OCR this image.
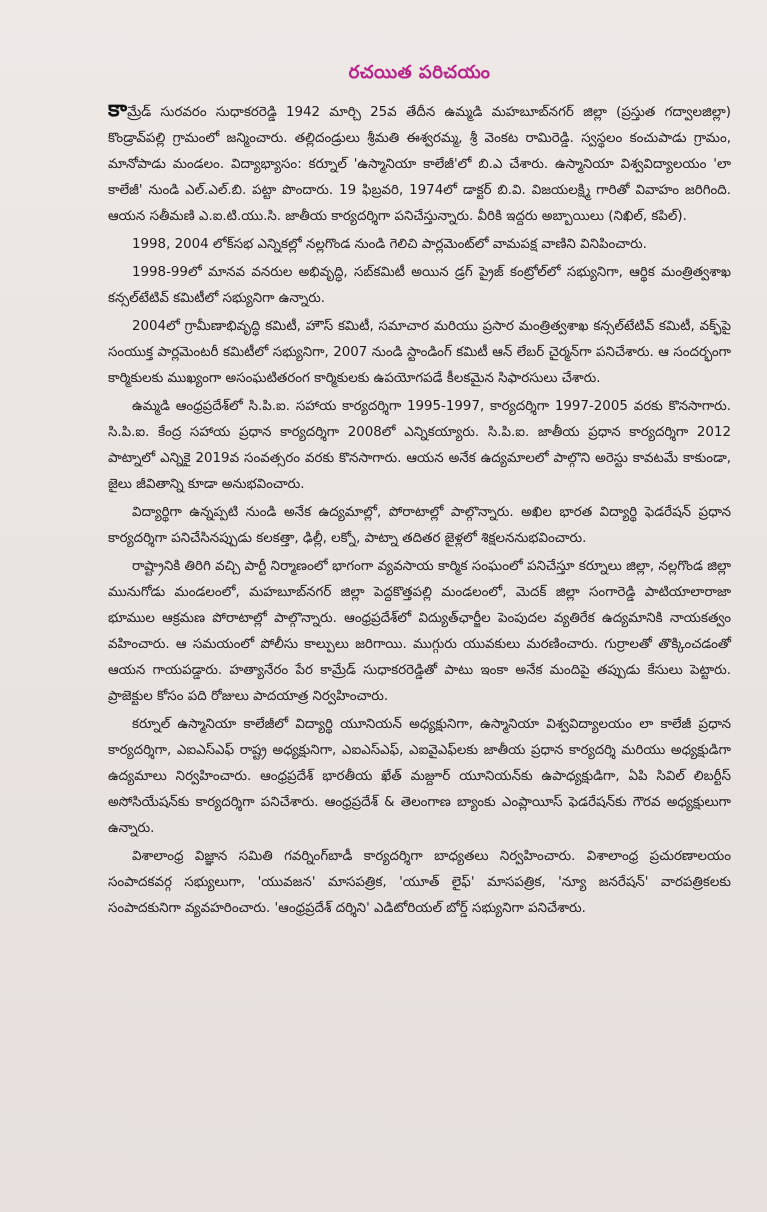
రచయిత పరిచయం

కామ్రేడ్ సురవరం సుధాకరరెడ్డి 1942 మార్చి 25వ తేదీన ఉమ్మడి మహబూబ్‌నగర్ జిల్లా (ప్రస్తుత గద్వాలజిల్లా) కొండ్రావ్‌పల్లి గ్రామంలో జన్మించారు. తల్లిదండ్రులు శ్రీమతి ఈశ్వరమ్మ, శ్రీ వెంకట రామిరెడ్డి. స్వస్థలం కంచుపాడు గ్రామం, మానోపాడు మండలం. విద్యాభ్యాసం: కర్నూల్ 'ఉస్మానియా కాలేజీ'లో బి.ఎ చేశారు. ఉస్మానియా విశ్వవిద్యాలయం 'లా కాలేజీ' నుండి ఎల్.ఎల్.బి. పట్టా పొందారు. 19 ఫిబ్రవరి, 1974లో డాక్టర్ బి.వి. విజయలక్ష్మి గారితో వివాహం జరిగింది. ఆయన సతీమణి ఎ.ఐ.టి.యు.సి. జాతీయ కార్యదర్శిగా పనిచేస్తున్నారు. వీరికి ఇద్దరు అబ్బాయిలు (నిఖిల్, కపిల్).

1998, 2004 లోక్‌సభ ఎన్నికల్లో నల్లగొండ నుండి గెలిచి పార్లమెంట్‌లో వామపక్ష వాణిని వినిపించారు.

1998-99లో మానవ వనరుల అభివృద్ధి, సబ్‌కమిటీ అయిన డ్రగ్ ప్రైజ్ కంట్రోల్‌లో సభ్యునిగా, ఆర్థిక మంత్రిత్వశాఖ కన్సల్‌టేటివ్ కమిటీలో సభ్యునిగా ఉన్నారు.

2004లో గ్రామీణాభివృద్ధి కమిటీ, హౌస్ కమిటీ, సమాచార మరియు ప్రసార మంత్రిత్వశాఖ కన్సల్‌టేటివ్ కమిటీ, వక్ఫ్‌పై సంయుక్త పార్లమెంటరీ కమిటీలో సభ్యునిగా, 2007 నుండి స్టాండింగ్ కమిటీ ఆన్ లేబర్ చైర్మన్‌గా పనిచేశారు. ఆ సందర్భంగా కార్మికులకు ముఖ్యంగా అసంఘటితరంగ కార్మికులకు ఉపయోగపడే కీలకమైన సిఫారసులు చేశారు.

ఉమ్మడి ఆంధ్రప్రదేశ్‌లో సి.పి.ఐ. సహాయ కార్యదర్శిగా 1995-1997, కార్యదర్శిగా 1997-2005 వరకు కొనసాగారు. సి.పి.ఐ. కేంద్ర సహాయ ప్రధాన కార్యదర్శిగా 2008లో ఎన్నికయ్యారు. సి.పి.ఐ. జాతీయ ప్రధాన కార్యదర్శిగా 2012 పాట్నాలో ఎన్నికై 2019వ సంవత్సరం వరకు కొనసాగారు. ఆయన అనేక ఉద్యమాలలో పాల్గొని అరెస్టు కావటమే కాకుండా, జైలు జీవితాన్ని కూడా అనుభవించారు.

విద్యార్థిగా ఉన్నప్పటి నుండి అనేక ఉద్యమాల్లో, పోరాటాల్లో పాల్గొన్నారు. అఖిల భారత విద్యార్థి ఫెడరేషన్ ప్రధాన కార్యదర్శిగా పనిచేసినప్పుడు కలకత్తా, ఢిల్లీ, లక్నో, పాట్నా తదితర జైళ్లలో శిక్షలననుభవించారు.

రాష్ట్రానికి తిరిగి వచ్చి పార్టీ నిర్మాణంలో భాగంగా వ్యవసాయ కార్మిక సంఘంలో పనిచేస్తూ కర్నూలు జిల్లా, నల్లగొండ జిల్లా మునుగోడు మండలంలో, మహబూబ్‌నగర్ జిల్లా పెద్దకొత్తపల్లి మండలంలో, మెదక్ జిల్లా సంగారెడ్డి పాటియాలారాజా భూముల ఆక్రమణ పోరాటాల్లో పాల్గొన్నారు. ఆంధ్రప్రదేశ్‌లో విద్యుత్‌ఛార్జీల పెంపుదల వ్యతిరేక ఉద్యమానికి నాయకత్వం వహించారు. ఆ సమయంలో పోలీసు కాల్పులు జరిగాయి. ముగ్గురు యువకులు మరణించారు. గుర్రాలతో తొక్కించడంతో ఆయన గాయపడ్డారు. హత్యానేరం పేర కామ్రేడ్ సుధాకరరెడ్డితో పాటు ఇంకా అనేక మందిపై తప్పుడు కేసులు పెట్టారు. ప్రాజెక్టుల కోసం పది రోజులు పాదయాత్ర నిర్వహించారు.

కర్నూల్ ఉస్మానియా కాలేజీలో విద్యార్థి యూనియన్ అధ్యక్షునిగా, ఉస్మానియా విశ్వవిద్యాలయం లా కాలేజీ ప్రధాన కార్యదర్శిగా, ఎఐఎస్ఎఫ్ రాష్ట్ర అధ్యక్షునిగా, ఎఐఎస్ఎఫ్, ఎఐవైఎఫ్‌లకు జాతీయ ప్రధాన కార్యదర్శి మరియు అధ్యక్షుడిగా ఉద్యమాలు నిర్వహించారు. ఆంధ్రప్రదేశ్ భారతీయ ఖేత్ మజ్దూర్ యూనియన్‌కు ఉపాధ్యక్షుడిగా, ఏపి సివిల్ లిబర్టీస్ అసోసియేషన్‌కు కార్యదర్శిగా పనిచేశారు. ఆంధ్రప్రదేశ్ & తెలంగాణ బ్యాంకు ఎంప్లాయీస్ ఫెడరేషన్‌కు గౌరవ అధ్యక్షులుగా ఉన్నారు.

విశాలాంధ్ర విజ్ఞాన సమితి గవర్నింగ్‌బాడీ కార్యదర్శిగా బాధ్యతలు నిర్వహించారు. విశాలాంధ్ర ప్రచురణాలయం సంపాదకవర్గ సభ్యులుగా, 'యువజన' మాసపత్రిక, 'యూత్ లైఫ్' మాసపత్రిక, 'న్యూ జనరేషన్' వారపత్రికలకు సంపాదకునిగా వ్యవహరించారు. 'ఆంధ్రప్రదేశ్ దర్శిని' ఎడిటోరియల్ బోర్డ్ సభ్యునిగా పనిచేశారు.
